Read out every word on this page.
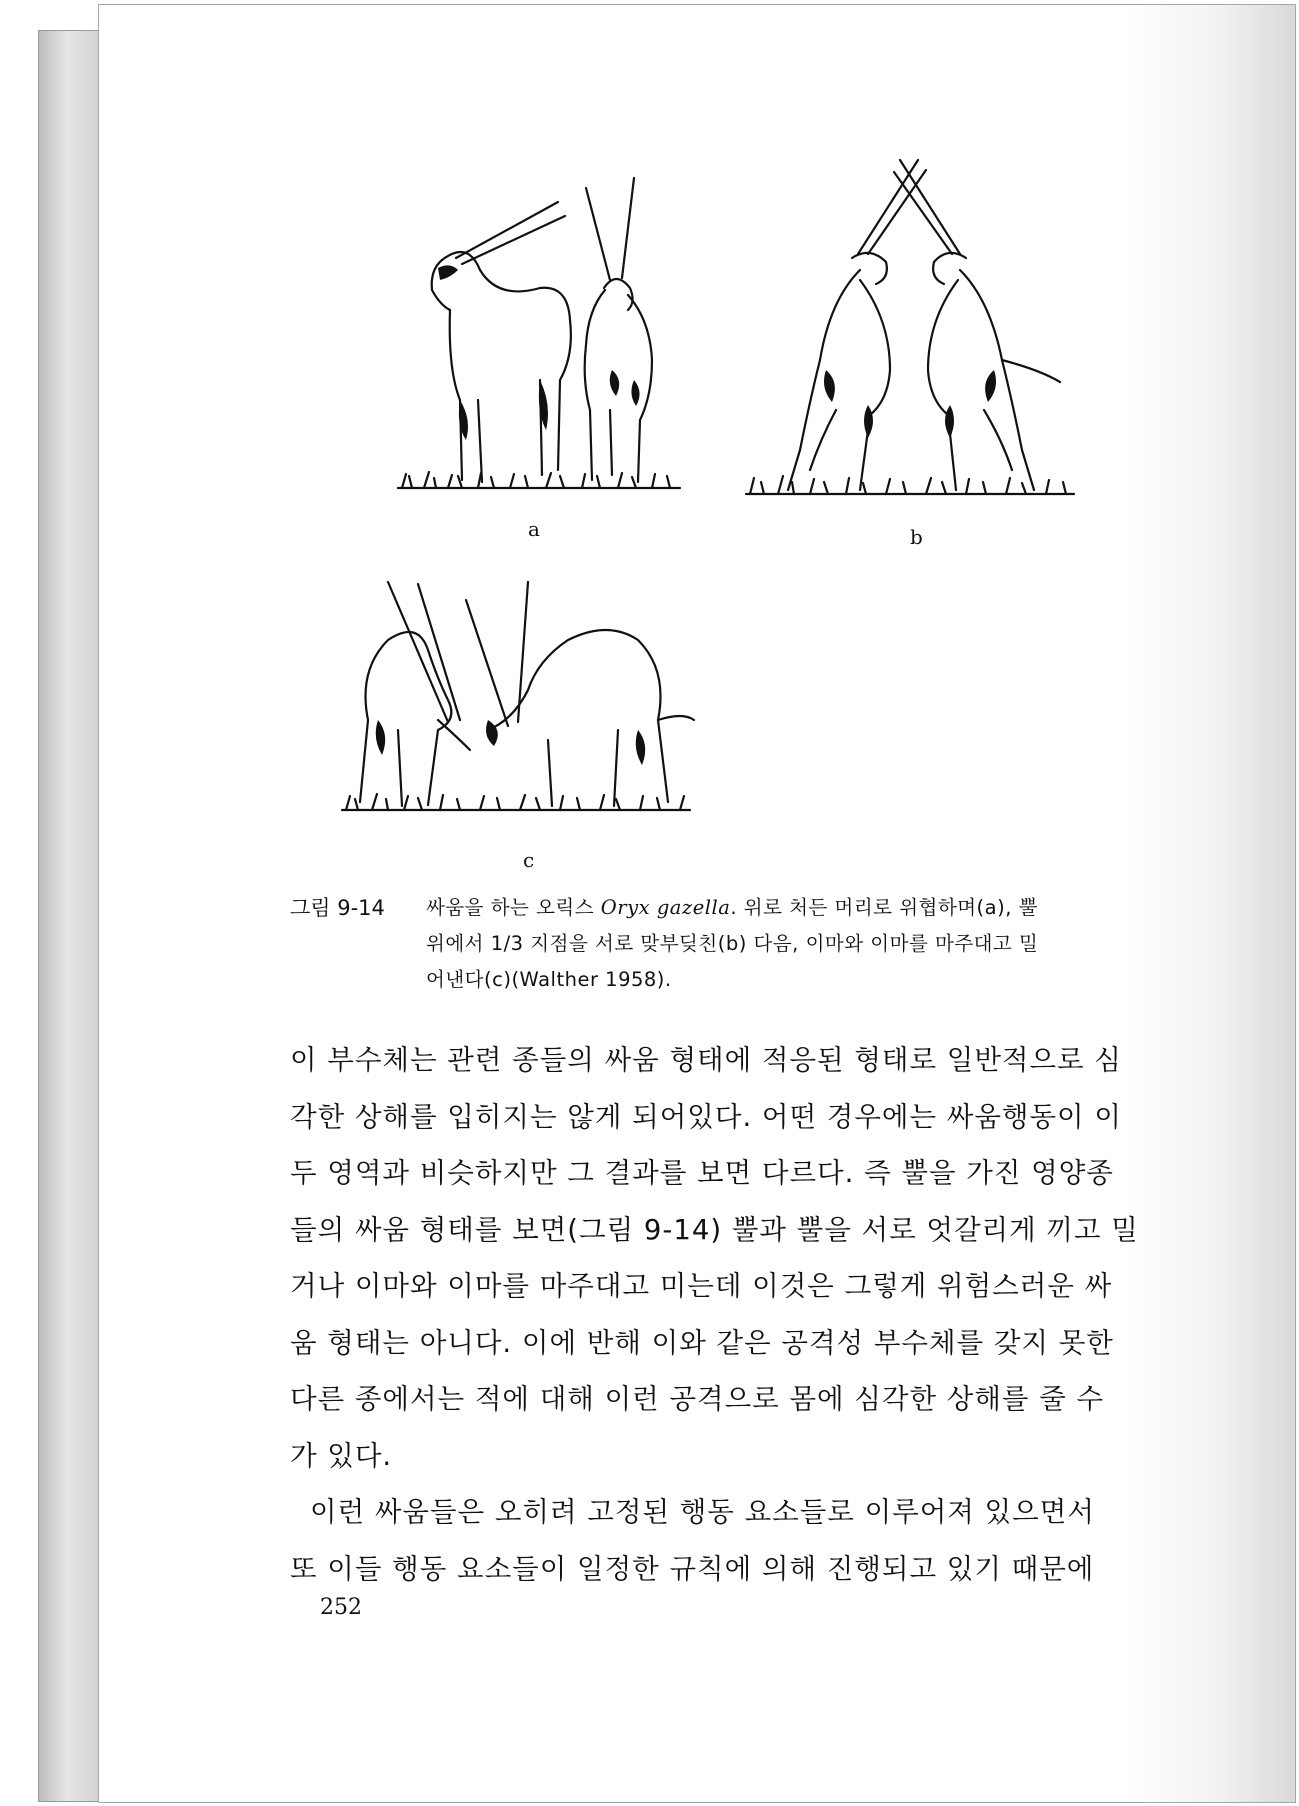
a	b
c
그림 9-14 싸움을 하는 오릭스 Oryx gazella. 위로 처든 머리로 위협하며(a), 뿔
위에서 1/3 지점을 서로 맞부딪친(b) 다음, 이마와 이마를 마주대고 밀
어낸다(c)(Walther 1958).
이 부수체는 관련 종들의 싸움 형태에 적응된 형태로 일반적으로 심
각한 상해를 입히지는 않게 되어있다. 어떤 경우에는 싸움행동이 이
두 영역과 비슷하지만 그 결과를 보면 다르다. 즉 뿔을 가진 영양종
들의 싸움 형태를 보면(그림 9-14) 뿔과 뿔을 서로 엇갈리게 끼고 밀
거나 이마와 이마를 마주대고 미는데 이것은 그렇게 위험스러운 싸
움 형태는 아니다. 이에 반해 이와 같은 공격성 부수체를 갖지 못한
다른 종에서는 적에 대해 이런 공격으로 몸에 심각한 상해를 줄 수
가 있다.
이런 싸움들은 오히려 고정된 행동 요소들로 이루어져 있으면서
또 이들 행동 요소들이 일정한 규칙에 의해 진행되고 있기 때문에
252
